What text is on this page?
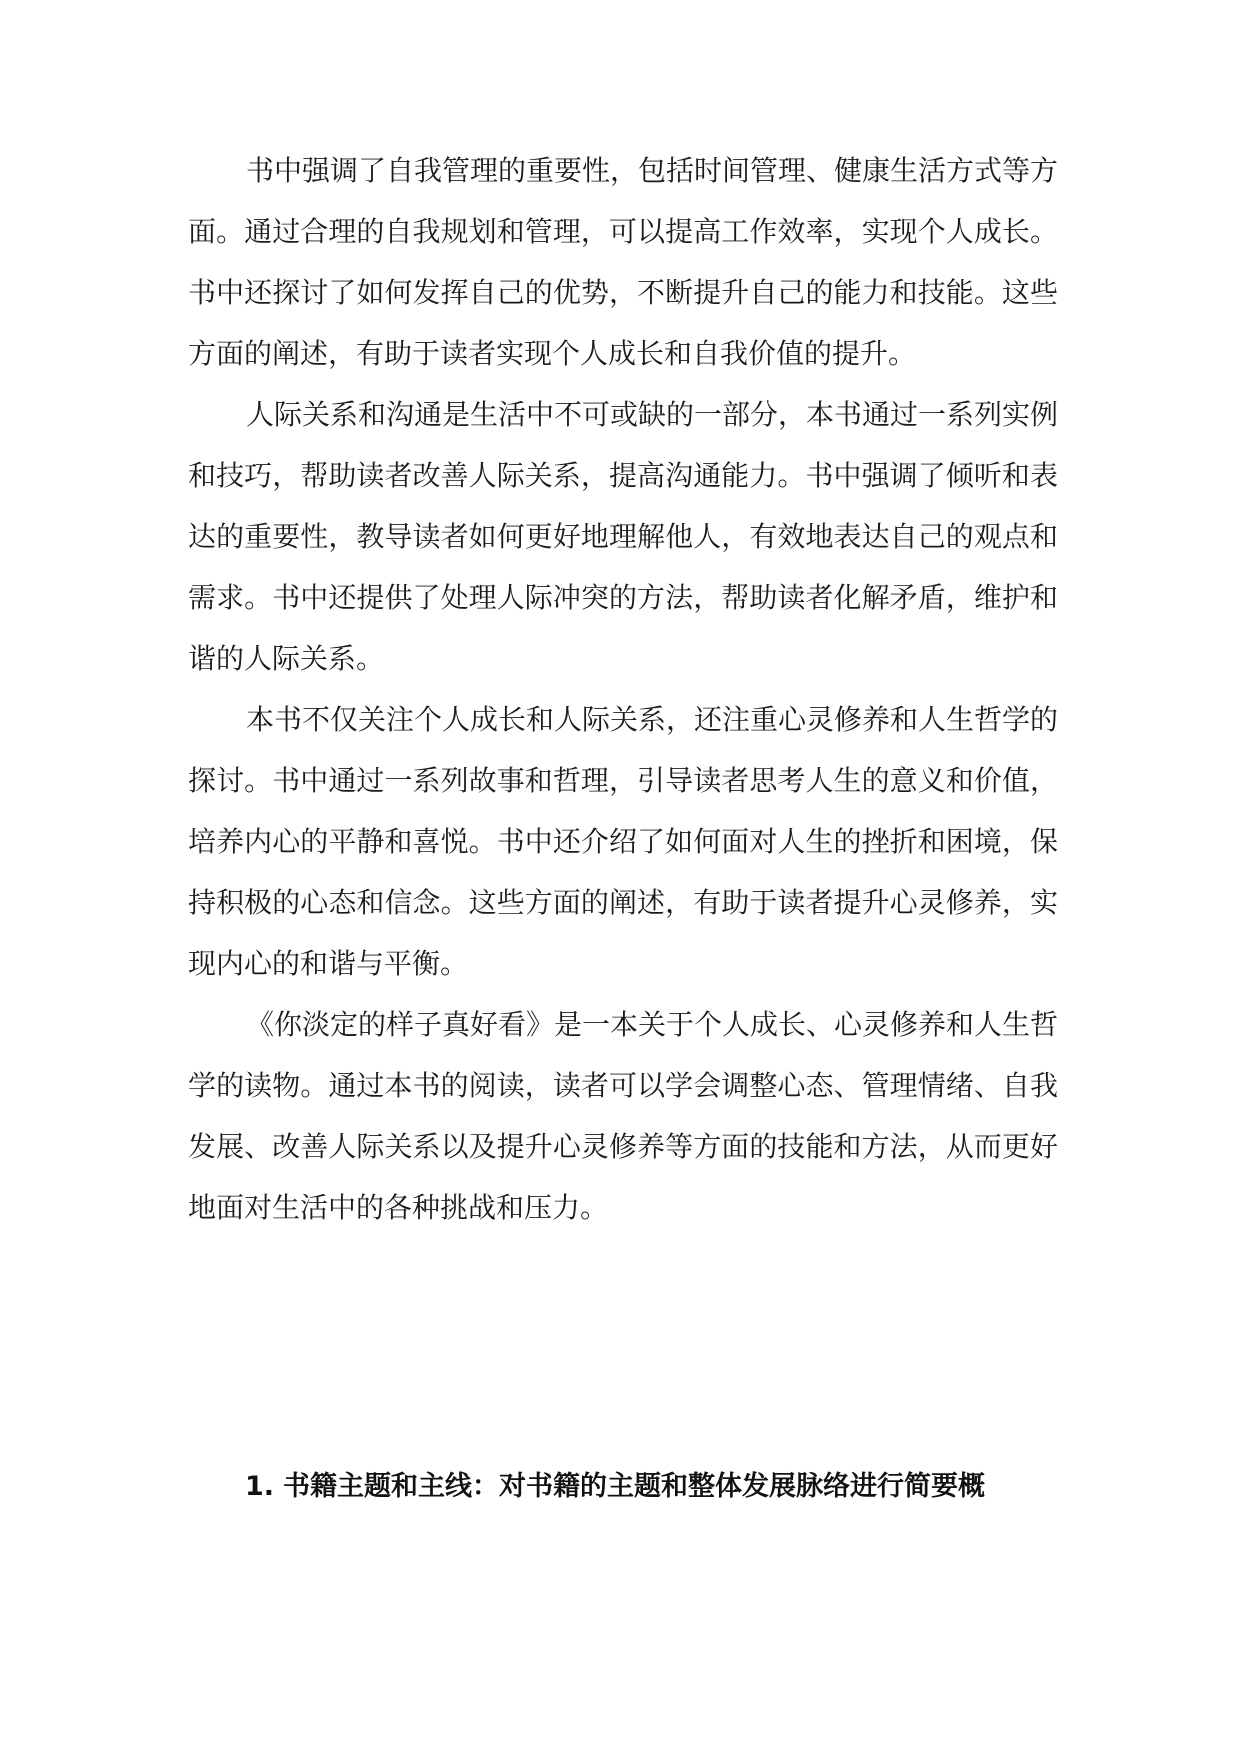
书中强调了自我管理的重要性，包括时间管理、健康生活方式等方面。通过合理的自我规划和管理，可以提高工作效率，实现个人成长。书中还探讨了如何发挥自己的优势，不断提升自己的能力和技能。这些方面的阐述，有助于读者实现个人成长和自我价值的提升。

人际关系和沟通是生活中不可或缺的一部分，本书通过一系列实例和技巧，帮助读者改善人际关系，提高沟通能力。书中强调了倾听和表达的重要性，教导读者如何更好地理解他人，有效地表达自己的观点和需求。书中还提供了处理人际冲突的方法，帮助读者化解矛盾，维护和谐的人际关系。

本书不仅关注个人成长和人际关系，还注重心灵修养和人生哲学的探讨。书中通过一系列故事和哲理，引导读者思考人生的意义和价值，培养内心的平静和喜悦。书中还介绍了如何面对人生的挫折和困境，保持积极的心态和信念。这些方面的阐述，有助于读者提升心灵修养，实现内心的和谐与平衡。

《你淡定的样子真好看》是一本关于个人成长、心灵修养和人生哲学的读物。通过本书的阅读，读者可以学会调整心态、管理情绪、自我发展、改善人际关系以及提升心灵修养等方面的技能和方法，从而更好地面对生活中的各种挑战和压力。

1. 书籍主题和主线：对书籍的主题和整体发展脉络进行简要概
